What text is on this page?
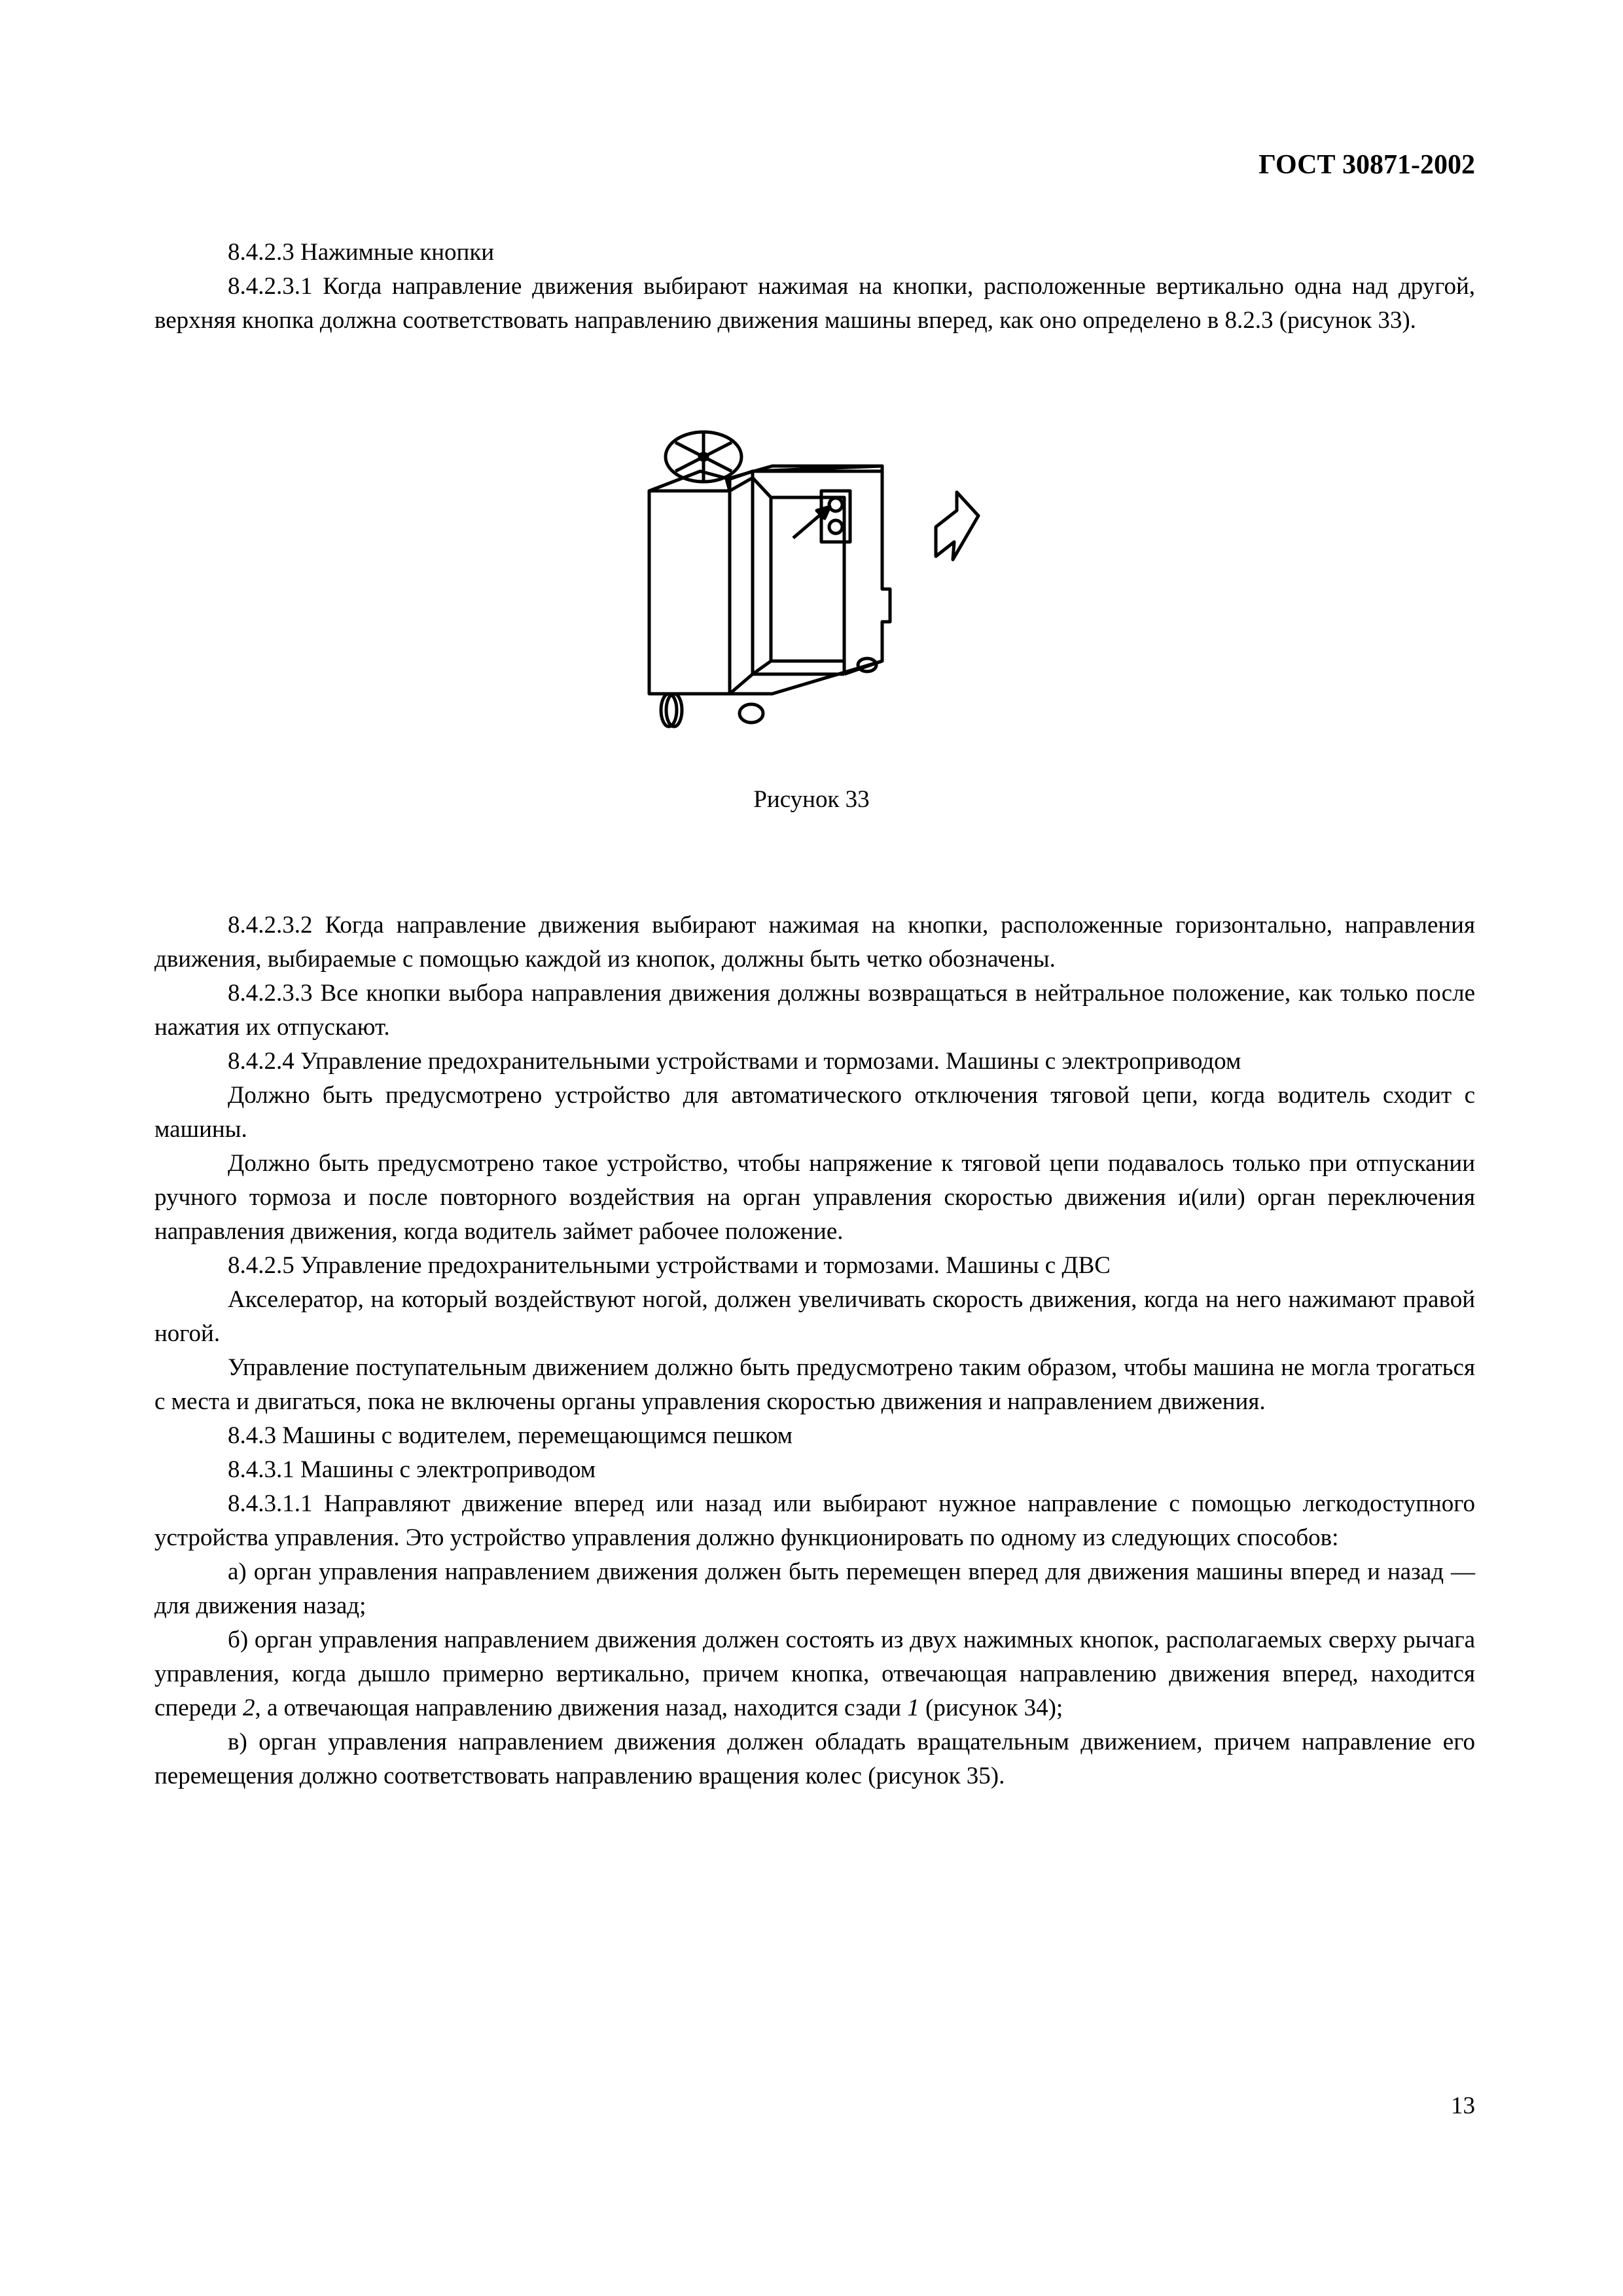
ГОСТ 30871-2002

8.4.2.3 Нажимные кнопки

8.4.2.3.1 Когда направление движения выбирают нажимая на кнопки, расположенные вертикально одна над другой, верхняя кнопка должна соответствовать направлению движения машины вперед, как оно определено в 8.2.3 (рисунок 33).

Рисунок 33

8.4.2.3.2 Когда направление движения выбирают нажимая на кнопки, расположенные горизонтально, направления движения, выбираемые с помощью каждой из кнопок, должны быть четко обозначены.

8.4.2.3.3 Все кнопки выбора направления движения должны возвращаться в нейтральное положение, как только после нажатия их отпускают.

8.4.2.4 Управление предохранительными устройствами и тормозами. Машины с электроприводом

Должно быть предусмотрено устройство для автоматического отключения тяговой цепи, когда водитель сходит с машины.

Должно быть предусмотрено такое устройство, чтобы напряжение к тяговой цепи подавалось только при отпускании ручного тормоза и после повторного воздействия на орган управления скоростью движения и(или) орган переключения направления движения, когда водитель займет рабочее положение.

8.4.2.5 Управление предохранительными устройствами и тормозами. Машины с ДВС

Акселератор, на который воздействуют ногой, должен увеличивать скорость движения, когда на него нажимают правой ногой.

Управление поступательным движением должно быть предусмотрено таким образом, чтобы машина не могла трогаться с места и двигаться, пока не включены органы управления скоростью движения и направлением движения.

8.4.3 Машины с водителем, перемещающимся пешком

8.4.3.1 Машины с электроприводом

8.4.3.1.1 Направляют движение вперед или назад или выбирают нужное направление с помощью легкодоступного устройства управления. Это устройство управления должно функционировать по одному из следующих способов:

а) орган управления направлением движения должен быть перемещен вперед для движения машины вперед и назад — для движения назад;

б) орган управления направлением движения должен состоять из двух нажимных кнопок, располагаемых сверху рычага управления, когда дышло примерно вертикально, причем кнопка, отвечающая направлению движения вперед, находится спереди 2, а отвечающая направлению движения назад, находится сзади 1 (рисунок 34);

в) орган управления направлением движения должен обладать вращательным движением, причем направление его перемещения должно соответствовать направлению вращения колес (рисунок 35).

13
